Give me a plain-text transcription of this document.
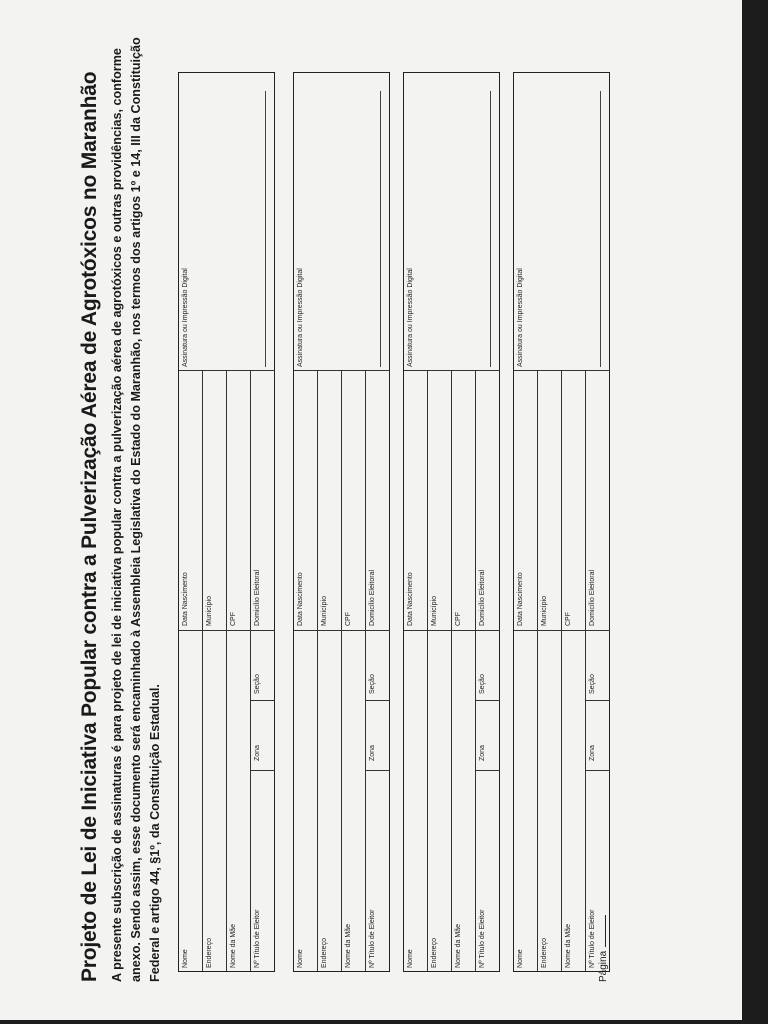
Projeto de Lei de Iniciativa Popular contra a Pulverização Aérea de Agrotóxicos no Maranhão A presente subscrição de assinaturas é para projeto de lei de iniciativa popular contra a pulverização aérea de agrotóxicos e outras providências, conforme anexo. Sendo assim, esse documento será encaminhado à Assembleia Legislativa do Estado do Maranhão, nos termos dos artigos 1º e 14, III da Constituição Federal e artigo 44, §1º, da Constituição Estadual.	Nome
Data Nascimento
Endereço
Município
Nome da Mãe
CPF
Nº Título de Eleitor
Zona
Seção
Domicílio Eleitoral
Assinatura ou Impressão Digital
Nome
Data Nascimento
Endereço
Município
Nome da Mãe
CPF
Nº Título de Eleitor
Zona
Seção
Domicílio Eleitoral
Assinatura ou Impressão Digital
Nome
Data Nascimento
Endereço
Município
Nome da Mãe
CPF
Nº Título de Eleitor
Zona
Seção
Domicílio Eleitoral
Assinatura ou Impressão Digital
Nome
Data Nascimento
Endereço
Município
Nome da Mãe
CPF
Nº Título de Eleitor
Zona
Seção
Domicílio Eleitoral
Assinatura ou Impressão Digital
Página
